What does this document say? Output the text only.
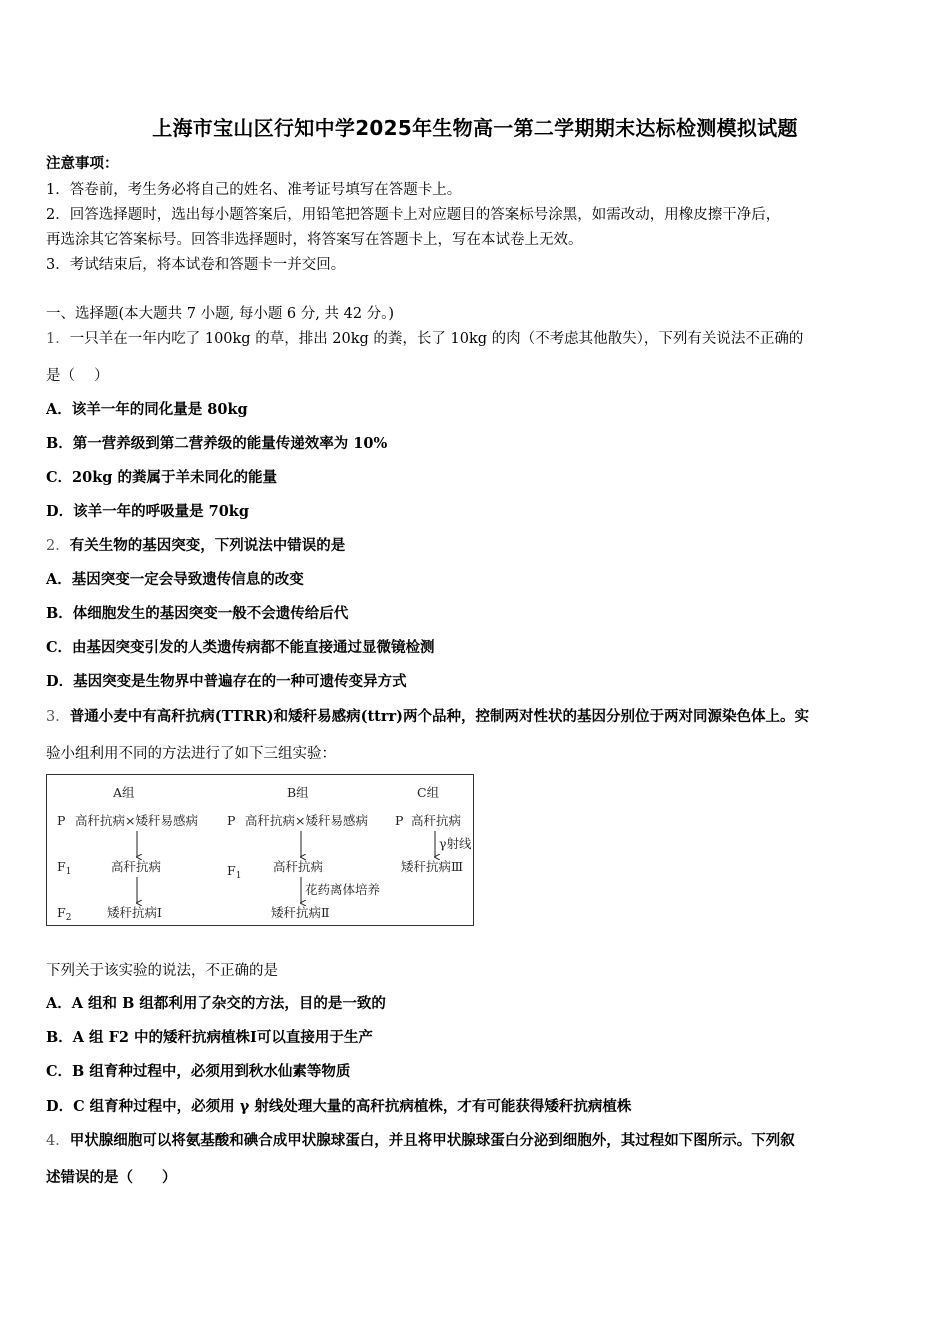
上海市宝山区行知中学2025年生物高一第二学期期末达标检测模拟试题
注意事项：
1．答卷前，考生务必将自己的姓名、准考证号填写在答题卡上。
2．回答选择题时，选出每小题答案后，用铅笔把答题卡上对应题目的答案标号涂黑，如需改动，用橡皮擦干净后，
再选涂其它答案标号。回答非选择题时，将答案写在答题卡上，写在本试卷上无效。
3．考试结束后，将本试卷和答题卡一并交回。
一、选择题(本大题共 7 小题, 每小题 6 分, 共 42 分。)
1．一只羊在一年内吃了 100kg 的草，排出 20kg 的粪，长了 10kg 的肉（不考虑其他散失），下列有关说法不正确的
是（　 ）
A．该羊一年的同化量是 80kg
B．第一营养级到第二营养级的能量传递效率为 10%
C．20kg 的粪属于羊未同化的能量
D．该羊一年的呼吸量是 70kg
2．有关生物的基因突变，下列说法中错误的是
A．基因突变一定会导致遗传信息的改变
B．体细胞发生的基因突变一般不会遗传给后代
C．由基因突变引发的人类遗传病都不能直接通过显微镜检测
D．基因突变是生物界中普遍存在的一种可遗传变异方式
3．普通小麦中有高秆抗病(TTRR)和矮秆易感病(ttrr)两个品种，控制两对性状的基因分别位于两对同源染色体上。实
验小组利用不同的方法进行了如下三组实验：
A组	B组	C组
P 高秆抗病×矮秆易感病 P 高秆抗病×矮秆易感病 P 高秆抗病
γ射线
$F_1$	高秆抗病	$F_1$
高秆抗病	矮秆抗病Ⅲ
花药离体培养
$F_2$	矮秆抗病Ⅰ	矮秆抗病Ⅱ
下列关于该实验的说法，不正确的是
A．A 组和 B 组都利用了杂交的方法，目的是一致的
B．A 组 F2 中的矮秆抗病植株Ⅰ可以直接用于生产
C．B 组育种过程中，必须用到秋水仙素等物质
D．C 组育种过程中，必须用 γ 射线处理大量的高秆抗病植株，才有可能获得矮秆抗病植株
4．甲状腺细胞可以将氨基酸和碘合成甲状腺球蛋白，并且将甲状腺球蛋白分泌到细胞外，其过程如下图所示。下列叙
述错误的是（　　）
